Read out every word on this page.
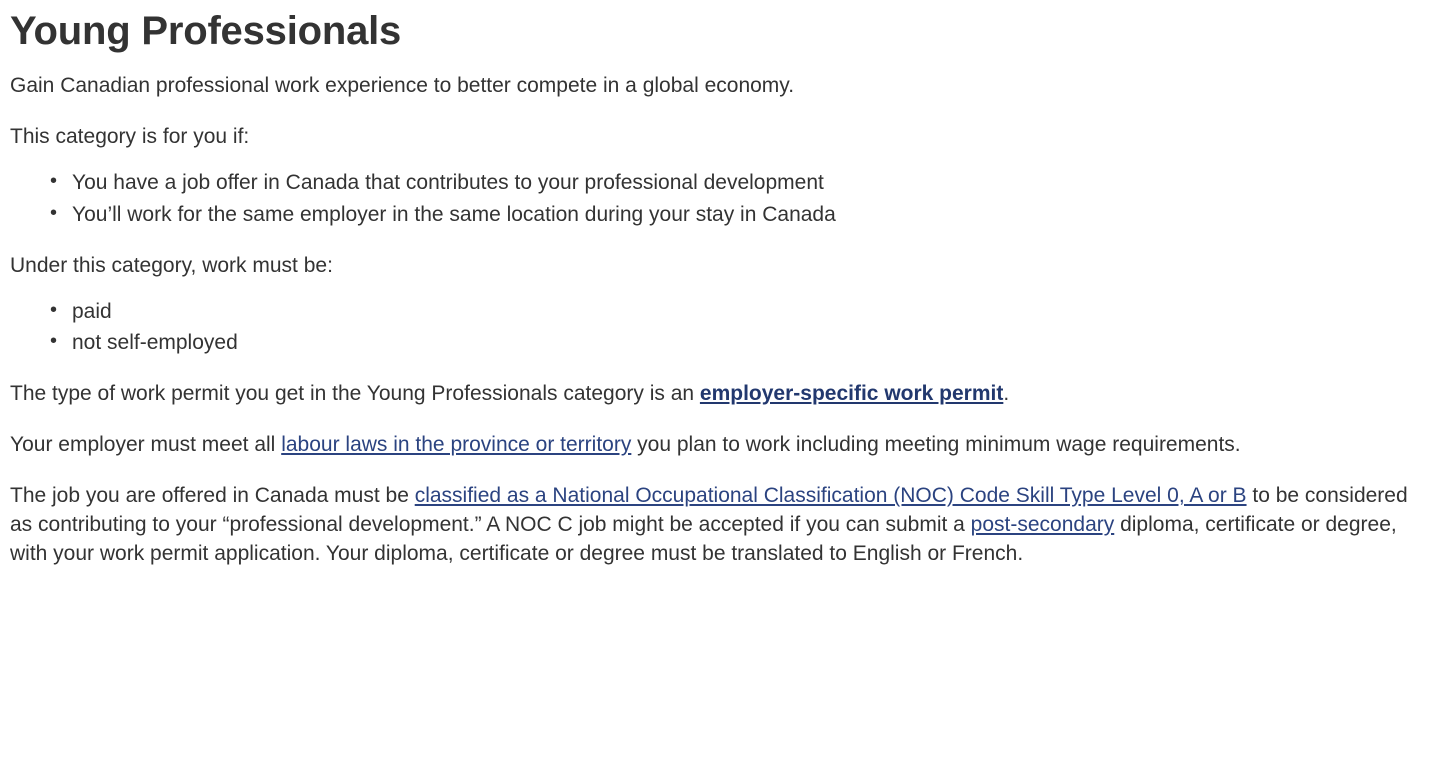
Young Professionals

Gain Canadian professional work experience to better compete in a global economy.

This category is for you if:

• You have a job offer in Canada that contributes to your professional development
• You’ll work for the same employer in the same location during your stay in Canada

Under this category, work must be:

• paid
• not self-employed

The type of work permit you get in the Young Professionals category is an employer-specific work permit.

Your employer must meet all labour laws in the province or territory you plan to work including meeting minimum wage requirements.

The job you are offered in Canada must be classified as a National Occupational Classification (NOC) Code Skill Type Level 0, A or B to be considered as contributing to your “professional development.” A NOC C job might be accepted if you can submit a post-secondary diploma, certificate or degree, with your work permit application. Your diploma, certificate or degree must be translated to English or French.
